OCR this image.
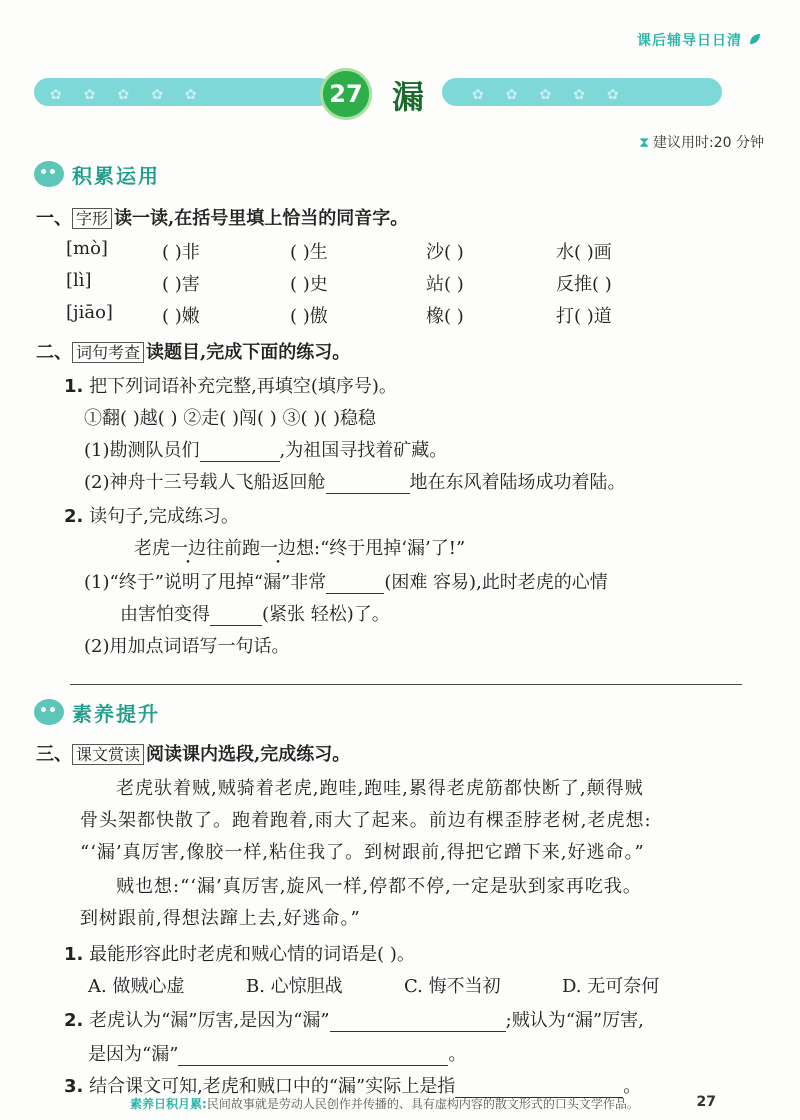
课后辅导日日清
✿✿✿✿✿	✿✿✿✿✿
27 漏
⧗ 建议用时:20 分钟
积累运用
一、 字形 读一读,在括号里填上恰当的同音字。
[mò]	( )非	( )生	沙( )	水( )画
[lì]	( )害	( )史	站( )	反推( )
[jiāo]	( )嫩	( )傲	橡( )	打( )道
二、 词句考查 读题目,完成下面的练习。
1. 把下列词语补充完整,再填空(填序号)。
①翻( )越( ) ②走( )闯( ) ③( )( )稳稳
(1)勘测队员们	,为祖国寻找着矿藏。
(2)神舟十三号载人飞船返回舱	地在东风着陆场成功着陆。
2. 读句子,完成练习。
老虎一边往前跑一边想:“终于甩掉‘漏’了!”
(1)“终于”说明了甩掉“漏”非常	(困难 容易),此时老虎的心情
由害怕变得	(紧张 轻松)了。
(2)用加点词语写一句话。
素养提升
三、 课文赏读 阅读课内选段,完成练习。
老虎驮着贼,贼骑着老虎,跑哇,跑哇,累得老虎筋都快断了,颠得贼
骨头架都快散了。跑着跑着,雨大了起来。前边有棵歪脖老树,老虎想:
“‘漏’真厉害,像胶一样,粘住我了。到树跟前,得把它蹭下来,好逃命。”
贼也想:“‘漏’真厉害,旋风一样,停都不停,一定是驮到家再吃我。
到树跟前,得想法蹿上去,好逃命。”
1. 最能形容此时老虎和贼心情的词语是( )。
A. 做贼心虚	B. 心惊胆战	C. 悔不当初	D. 无可奈何
2. 老虎认为“漏”厉害,是因为“漏”	;贼认为“漏”厉害,
是因为“漏”	。
3. 结合课文可知,老虎和贼口中的“漏”实际上是指	。
素养日积月累:民间故事就是劳动人民创作并传播的、具有虚构内容的散文形式的口头文学作品。	27
